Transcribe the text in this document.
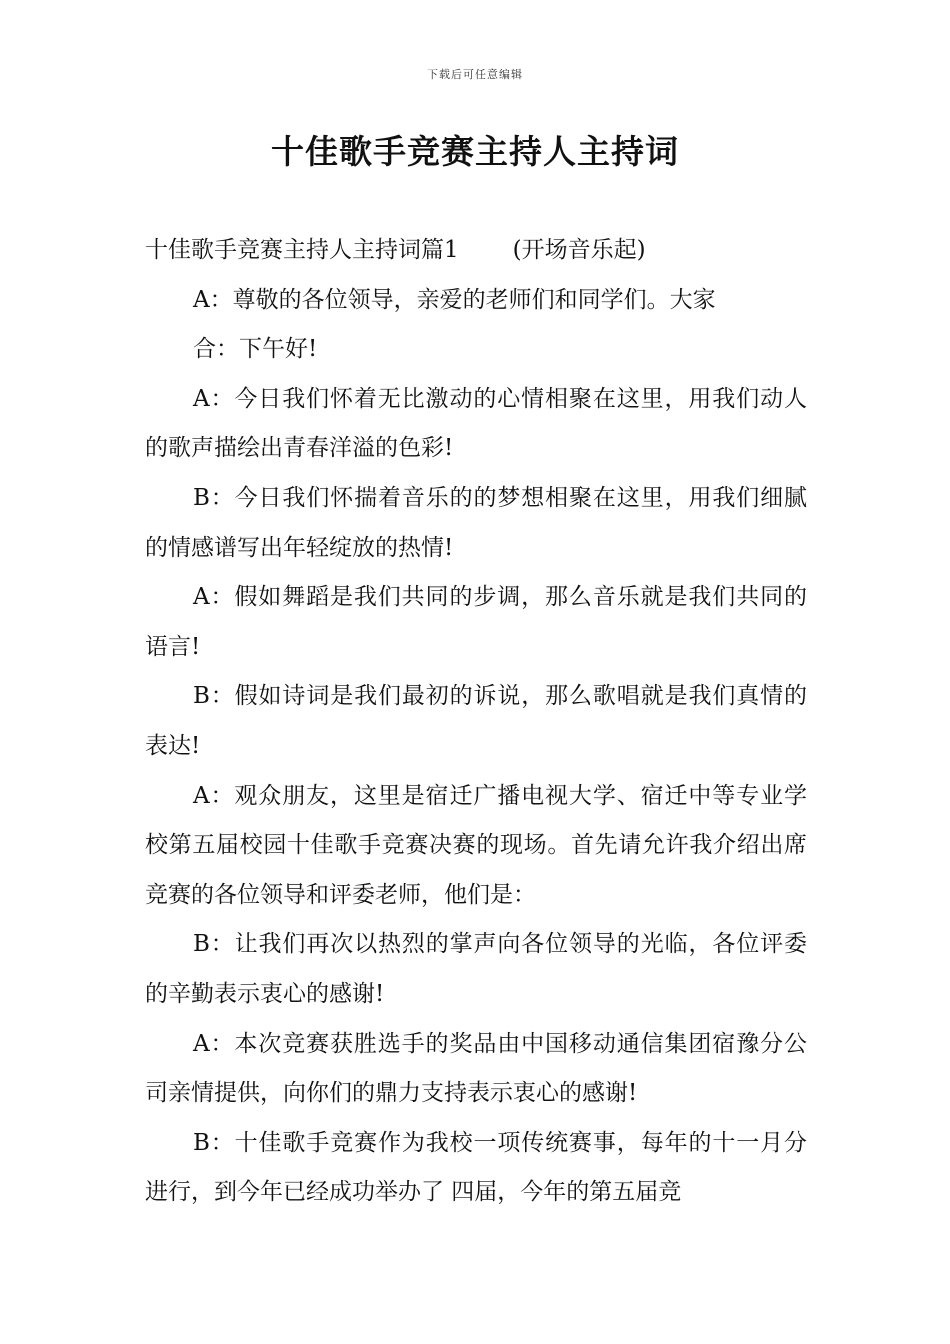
下载后可任意编辑
十佳歌手竞赛主持人主持词

十佳歌手竞赛主持人主持词篇1 (开场音乐起)

A：尊敬的各位领导，亲爱的老师们和同学们。大家

合：下午好!

A：今日我们怀着无比激动的心情相聚在这里，用我们动人的歌声描绘出青春洋溢的色彩!

B：今日我们怀揣着音乐的的梦想相聚在这里，用我们细腻的情感谱写出年轻绽放的热情!

A：假如舞蹈是我们共同的步调，那么音乐就是我们共同的语言!

B：假如诗词是我们最初的诉说，那么歌唱就是我们真情的表达!

A：观众朋友，这里是宿迁广播电视大学、宿迁中等专业学校第五届校园十佳歌手竞赛决赛的现场。首先请允许我介绍出席竞赛的各位领导和评委老师，他们是：

B：让我们再次以热烈的掌声向各位领导的光临，各位评委的辛勤表示衷心的感谢!

A：本次竞赛获胜选手的奖品由中国移动通信集团宿豫分公司亲情提供，向你们的鼎力支持表示衷心的感谢!

B：十佳歌手竞赛作为我校一项传统赛事，每年的十一月分进行，到今年已经成功举办了 四届，今年的第五届竞
